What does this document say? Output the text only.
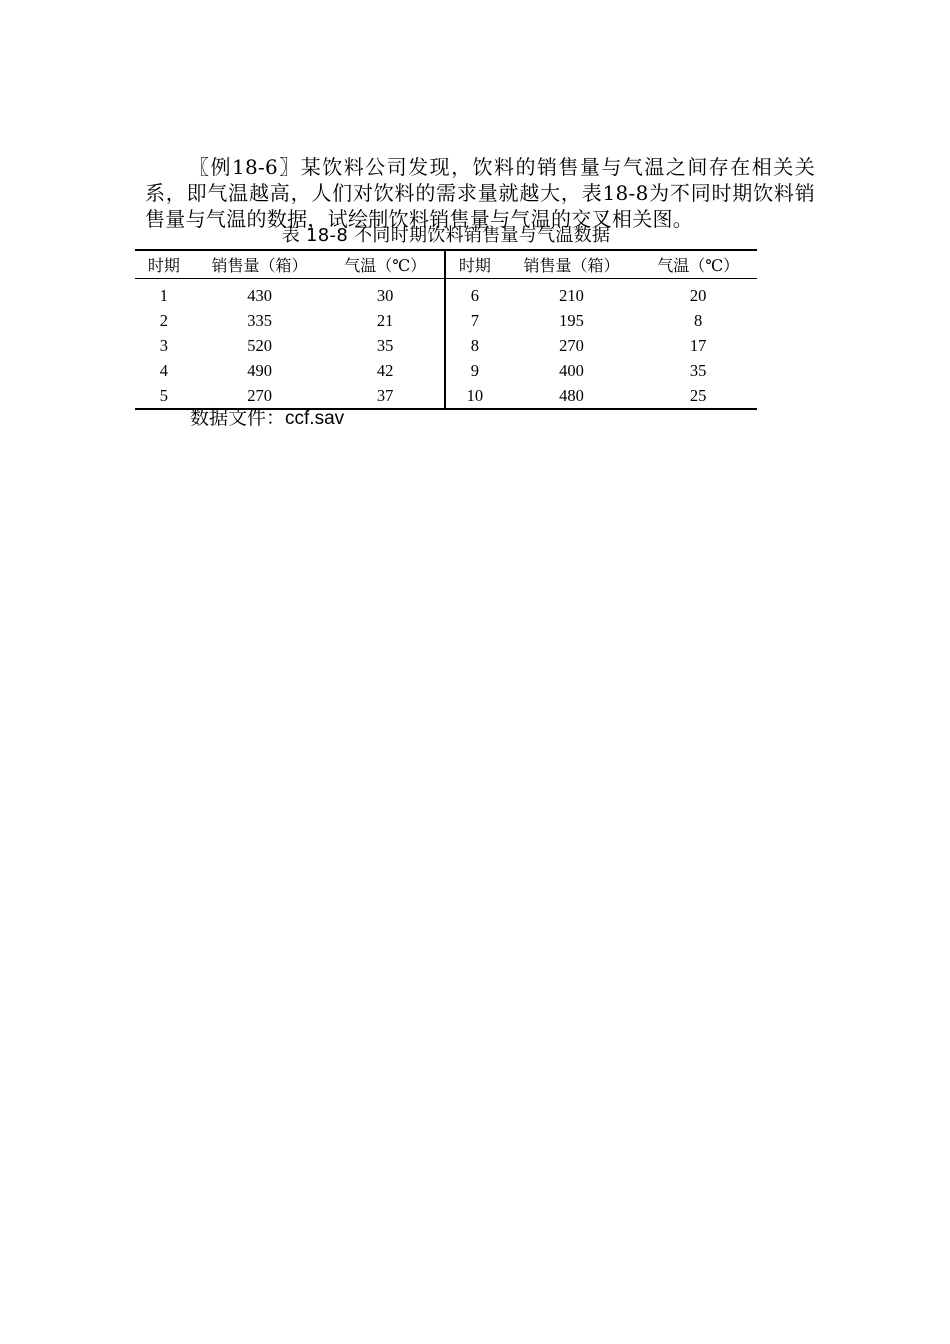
〖例18-6〗某饮料公司发现，饮料的销售量与气温之间存在相关关系，即气温越高，人们对饮料的需求量就越大，表18-8为不同时期饮料销售量与气温的数据，试绘制饮料销售量与气温的交叉相关图。

表 18-8 不同时期饮料销售量与气温数据
时期	销售量（箱）	气温（℃）	时期	销售量（箱）	气温（℃）
1	430	30	6	210	20
2	335	21	7	195	8
3	520	35	8	270	17
4	490	42	9	400	35
5	270	37	10	480	25
数据文件：ccf.sav
